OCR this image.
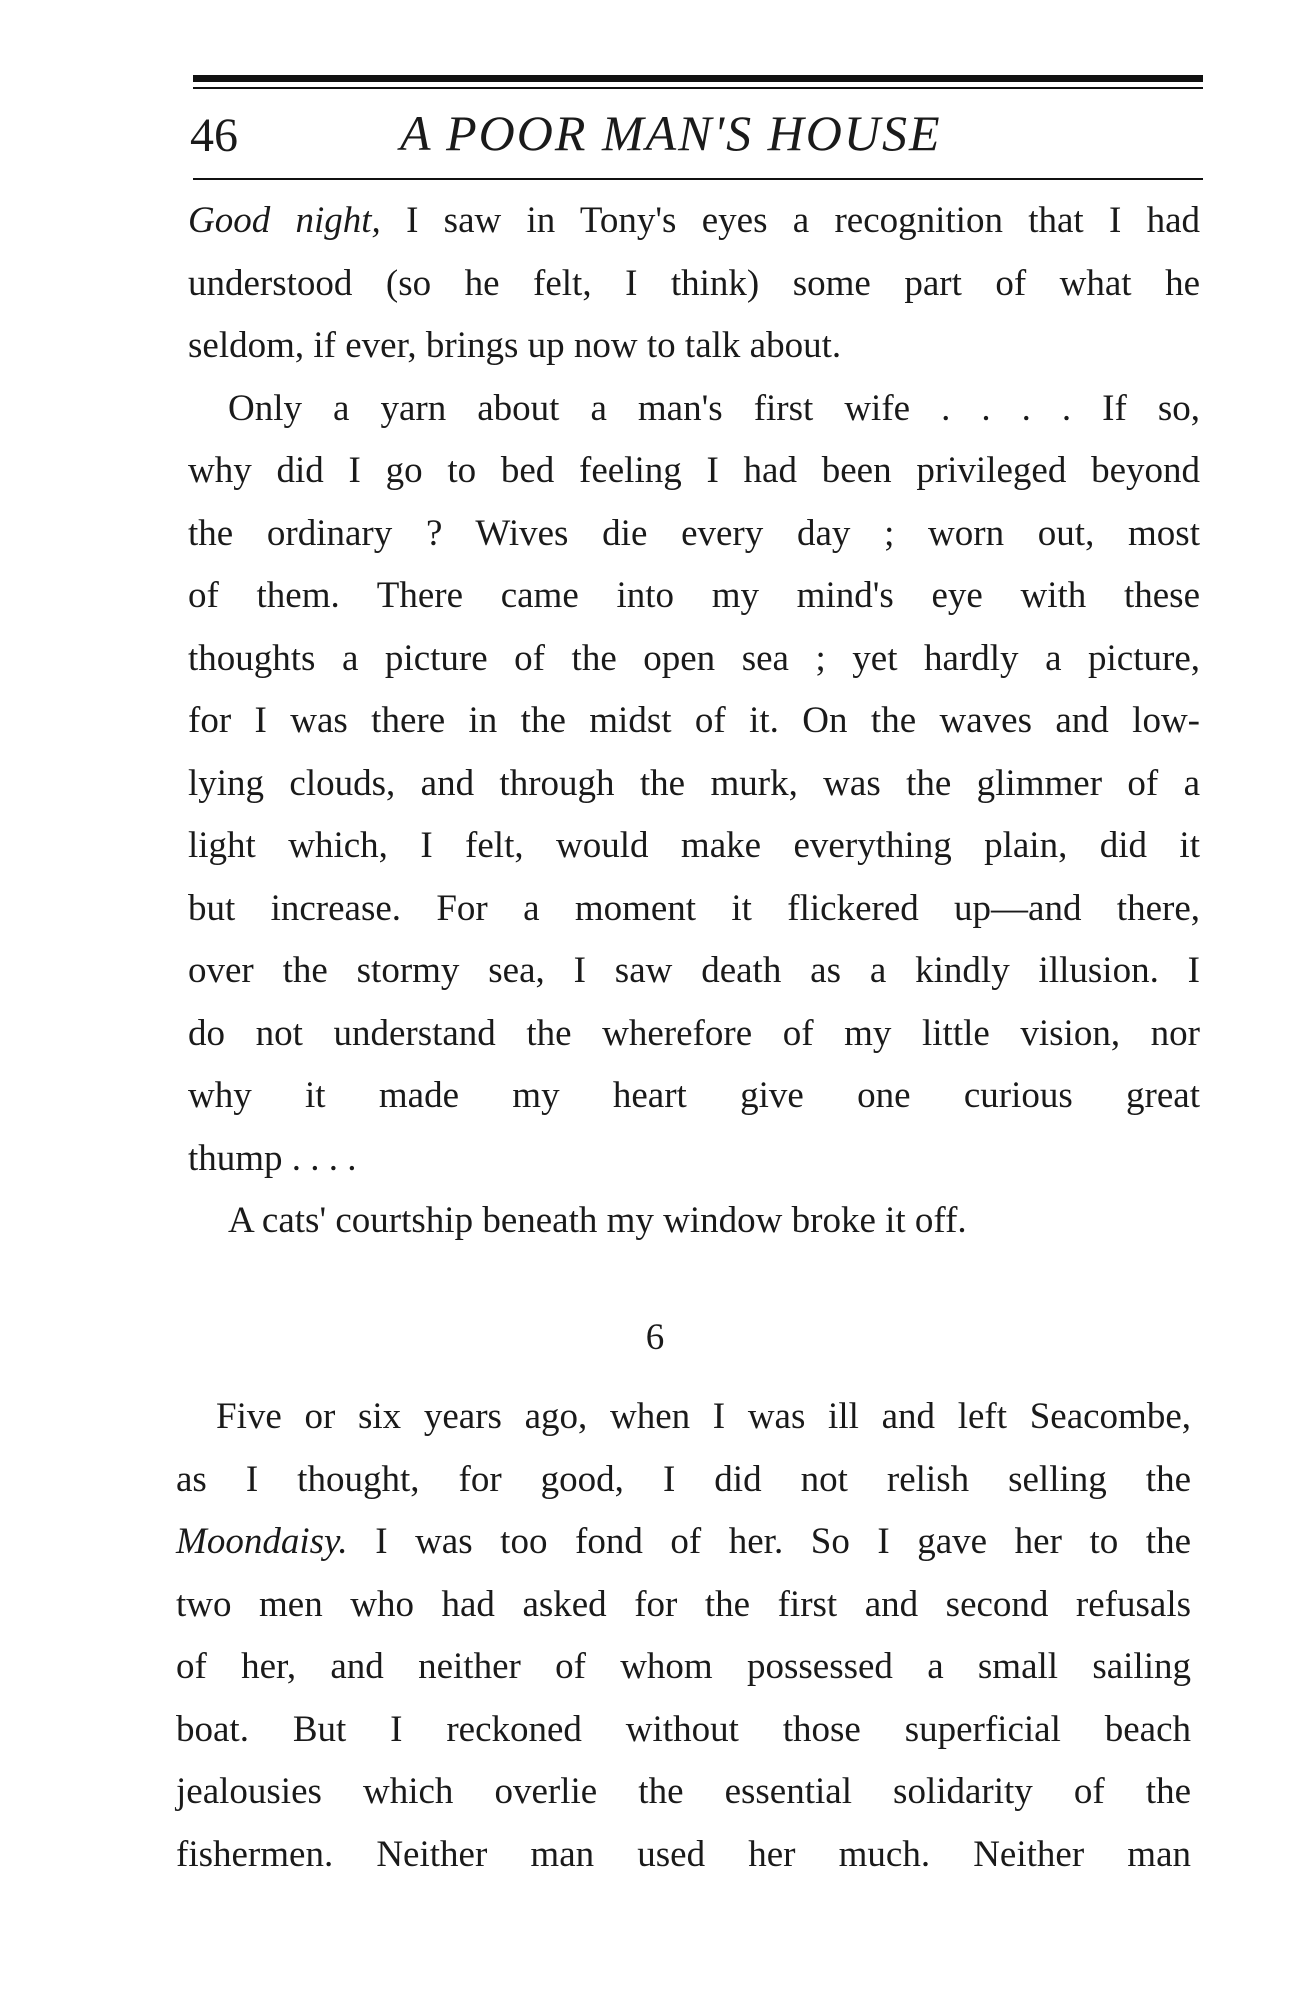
46	A POOR MAN'S HOUSE
Good night, I saw in Tony's eyes a recognition that I had
understood (so he felt, I think) some part of what he
seldom, if ever, brings up now to talk about.
Only a yarn about a man's first wife . . . . If so,
why did I go to bed feeling I had been privileged beyond
the ordinary ? Wives die every day ; worn out, most
of them. There came into my mind's eye with these
thoughts a picture of the open sea ; yet hardly a picture,
for I was there in the midst of it. On the waves and low-
lying clouds, and through the murk, was the glimmer of a
light which, I felt, would make everything plain, did it
but increase. For a moment it flickered up—and there,
over the stormy sea, I saw death as a kindly illusion. I
do not understand the wherefore of my little vision, nor
why it made my heart give one curious great
thump . . . .
A cats' courtship beneath my window broke it off.
6
Five or six years ago, when I was ill and left Seacombe,
as I thought, for good, I did not relish selling the
Moondaisy. I was too fond of her. So I gave her to the
two men who had asked for the first and second refusals
of her, and neither of whom possessed a small sailing
boat. But I reckoned without those superficial beach
jealousies which overlie the essential solidarity of the
fishermen. Neither man used her much. Neither man
